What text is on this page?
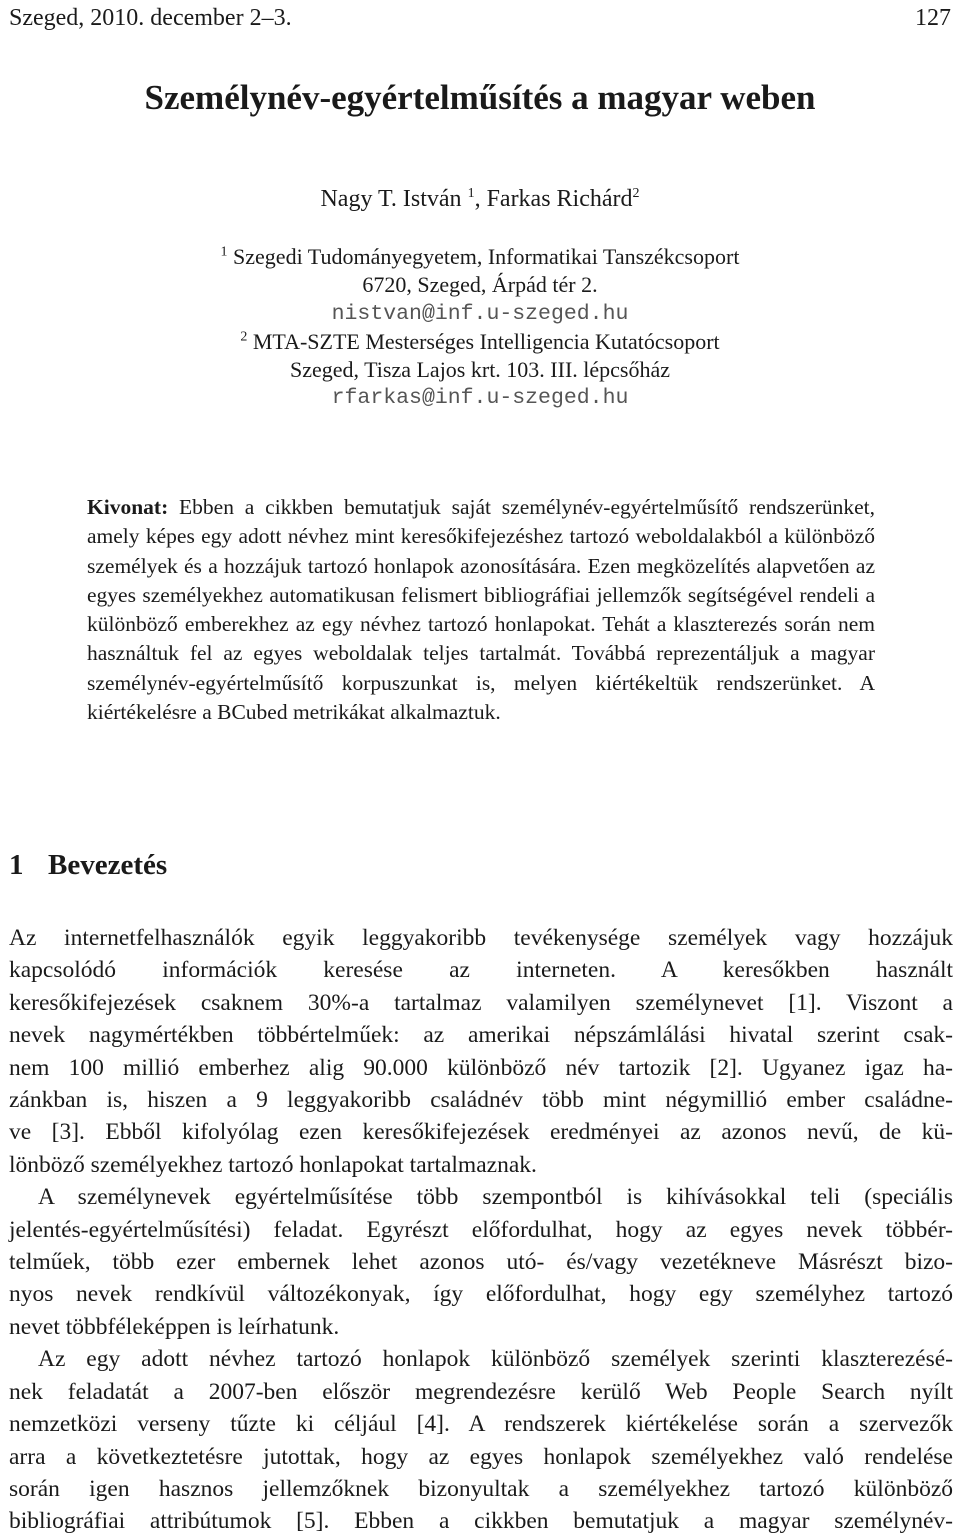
Szeged, 2010. december 2–3.	127
Személynév-egyértelműsítés a magyar weben
Nagy T. István $^1$, Farkas Richárd$^2$
$^1$ Szegedi Tudományegyetem, Informatikai Tanszékcsoport
6720, Szeged, Árpád tér 2.
nistvan@inf.u-szeged.hu
$^2$ MTA-SZTE Mesterséges Intelligencia Kutatócsoport
Szeged, Tisza Lajos krt. 103. III. lépcsőház
rfarkas@inf.u-szeged.hu
Kivonat: Ebben a cikkben bemutatjuk saját személynév-egyértelműsítő rendszerünket, amely képes egy adott névhez mint keresőkifejezéshez tartozó weboldalakból a különböző személyek és a hozzájuk tartozó honlapok azonosítására. Ezen megközelítés alapvetően az egyes személyekhez automatikusan felismert bibliográfiai jellemzők segítségével rendeli a különböző emberekhez az egy névhez tartozó honlapokat. Tehát a klaszterezés során nem használtuk fel az egyes weboldalak teljes tartalmát. Továbbá reprezentáljuk a magyar személynév-egyértelműsítő korpuszunkat is, melyen kiértékeltük rendszerünket. A kiértékelésre a BCubed metrikákat alkalmaztuk.
1 Bevezetés
Az internetfelhasználók egyik leggyakoribb tevékenysége személyek vagy hozzájuk
kapcsolódó információk keresése az interneten. A keresőkben használt
keresőkifejezések csaknem 30%-a tartalmaz valamilyen személynevet [1]. Viszont a
nevek nagymértékben többértelműek: az amerikai népszámlálási hivatal szerint csak-
nem 100 millió emberhez alig 90.000 különböző név tartozik [2]. Ugyanez igaz ha-
zánkban is, hiszen a 9 leggyakoribb családnév több mint négymillió ember családne-
ve [3]. Ebből kifolyólag ezen keresőkifejezések eredményei az azonos nevű, de kü-
lönböző személyekhez tartozó honlapokat tartalmaznak.
A személynevek egyértelműsítése több szempontból is kihívásokkal teli (speciális
jelentés-egyértelműsítési) feladat. Egyrészt előfordulhat, hogy az egyes nevek többér-
telműek, több ezer embernek lehet azonos utó- és/vagy vezetékneve Másrészt bizo-
nyos nevek rendkívül változékonyak, így előfordulhat, hogy egy személyhez tartozó
nevet többféleképpen is leírhatunk.
Az egy adott névhez tartozó honlapok különböző személyek szerinti klaszterezésé-
nek feladatát a 2007-ben először megrendezésre kerülő Web People Search nyílt
nemzetközi verseny tűzte ki céljául [4]. A rendszerek kiértékelése során a szervezők
arra a következtetésre jutottak, hogy az egyes honlapok személyekhez való rendelése
során igen hasznos jellemzőknek bizonyultak a személyekhez tartozó különböző
bibliográfiai attribútumok [5]. Ebben a cikkben bemutatjuk a magyar személynév-
